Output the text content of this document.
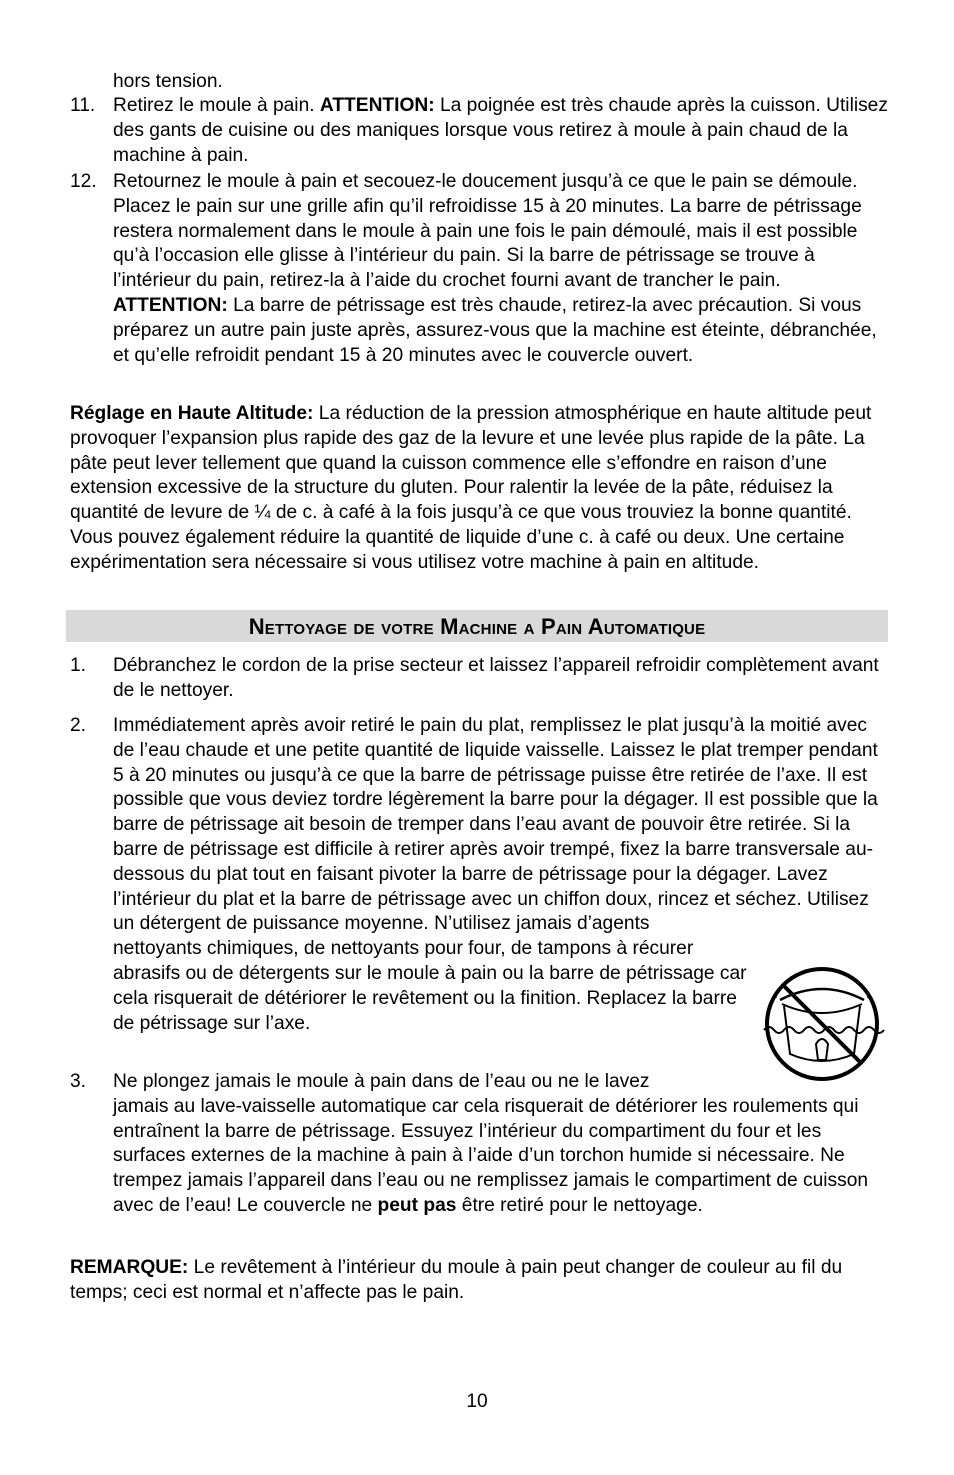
hors tension.
11. Retirez le moule à pain. ATTENTION: La poignée est très chaude après la cuisson. Utilisez des gants de cuisine ou des maniques lorsque vous retirez à moule à pain chaud de la machine à pain.
12. Retournez le moule à pain et secouez-le doucement jusqu’à ce que le pain se démoule. Placez le pain sur une grille afin qu’il refroidisse 15 à 20 minutes. La barre de pétrissage restera normalement dans le moule à pain une fois le pain démoulé, mais il est possible qu’à l’occasion elle glisse à l’intérieur du pain. Si la barre de pétrissage se trouve à l’intérieur du pain, retirez-la à l’aide du crochet fourni avant de trancher le pain. ATTENTION: La barre de pétrissage est très chaude, retirez-la avec précaution. Si vous préparez un autre pain juste après, assurez-vous que la machine est éteinte, débranchée, et qu’elle refroidit pendant 15 à 20 minutes avec le couvercle ouvert.
Réglage en Haute Altitude: La réduction de la pression atmosphérique en haute altitude peut provoquer l’expansion plus rapide des gaz de la levure et une levée plus rapide de la pâte. La pâte peut lever tellement que quand la cuisson commence elle s’effondre en raison d’une extension excessive de la structure du gluten. Pour ralentir la levée de la pâte, réduisez la quantité de levure de ¼ de c. à café à la fois jusqu’à ce que vous trouviez la bonne quantité. Vous pouvez également réduire la quantité de liquide d’une c. à café ou deux. Une certaine expérimentation sera nécessaire si vous utilisez votre machine à pain en altitude.
Nettoyage de votre Machine a Pain Automatique
1.	Débranchez le cordon de la prise secteur et laissez l’appareil refroidir complètement avant de le nettoyer.
2.	Immédiatement après avoir retiré le pain du plat, remplissez le plat jusqu’à la moitié avec de l’eau chaude et une petite quantité de liquide vaisselle. Laissez le plat tremper pendant 5 à 20 minutes ou jusqu’à ce que la barre de pétrissage puisse être retirée de l’axe. Il est possible que vous deviez tordre légèrement la barre pour la dégager. Il est possible que la barre de pétrissage ait besoin de tremper dans l’eau avant de pouvoir être retirée. Si la barre de pétrissage est difficile à retirer après avoir trempé, fixez la barre transversale au-dessous du plat tout en faisant pivoter la barre de pétrissage pour la dégager. Lavez l’intérieur du plat et la barre de pétrissage avec un chiffon doux, rincez et séchez. Utilisez un détergent de puissance moyenne. N’utilisez jamais d’agents
nettoyants chimiques, de nettoyants pour four, de tampons à récurer abrasifs ou de détergents sur le moule à pain ou la barre de pétrissage car cela risquerait de détériorer le revêtement ou la finition. Replacez la barre de pétrissage sur l’axe.
3.	Ne plongez jamais le moule à pain dans de l’eau ou ne le lavez
jamais au lave-vaisselle automatique car cela risquerait de détériorer les roulements qui entraînent la barre de pétrissage. Essuyez l’intérieur du compartiment du four et les surfaces externes de la machine à pain à l’aide d’un torchon humide si nécessaire. Ne trempez jamais l’appareil dans l’eau ou ne remplissez jamais le compartiment de cuisson avec de l’eau! Le couvercle ne peut pas être retiré pour le nettoyage.
REMARQUE: Le revêtement à l’intérieur du moule à pain peut changer de couleur au fil du temps; ceci est normal et n’affecte pas le pain.
10
